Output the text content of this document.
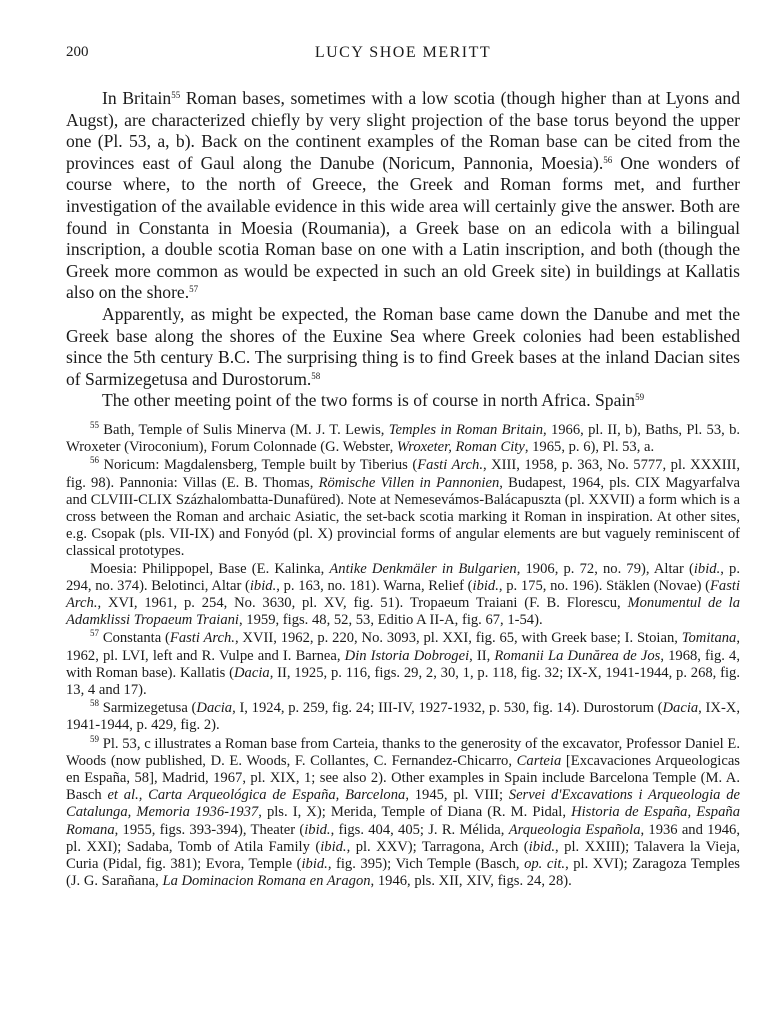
200	LUCY SHOE MERITT

In Britain$^{55}$ Roman bases, sometimes with a low scotia (though higher than at Lyons and Augst), are characterized chiefly by very slight projection of the base torus beyond the upper one (Pl. 53, a, b). Back on the continent examples of the Roman base can be cited from the provinces east of Gaul along the Danube (Noricum, Pannonia, Moesia).$^{56}$ One wonders of course where, to the north of Greece, the Greek and Roman forms met, and further investigation of the available evidence in this wide area will certainly give the answer. Both are found in Constanta in Moesia (Roumania), a Greek base on an edicola with a bilingual inscription, a double scotia Roman base on one with a Latin inscription, and both (though the Greek more common as would be expected in such an old Greek site) in buildings at Kallatis also on the shore.$^{57}$

Apparently, as might be expected, the Roman base came down the Danube and met the Greek base along the shores of the Euxine Sea where Greek colonies had been established since the 5th century B.C. The surprising thing is to find Greek bases at the inland Dacian sites of Sarmizegetusa and Durostorum.$^{58}$

The other meeting point of the two forms is of course in north Africa. Spain$^{59}$

$^{55}$ Bath, Temple of Sulis Minerva (M. J. T. Lewis, Temples in Roman Britain, 1966, pl. II, b), Baths, Pl. 53, b. Wroxeter (Viroconium), Forum Colonnade (G. Webster, Wroxeter, Roman City, 1965, p. 6), Pl. 53, a.

$^{56}$ Noricum: Magdalensberg, Temple built by Tiberius (Fasti Arch., XIII, 1958, p. 363, No. 5777, pl. XXXIII, fig. 98). Pannonia: Villas (E. B. Thomas, Römische Villen in Pannonien, Budapest, 1964, pls. CIX Magyarfalva and CLVIII-CLIX Százhalombatta-Dunafüred). Note at Nemesevámos-Balácapuszta (pl. XXVII) a form which is a cross between the Roman and archaic Asiatic, the set-back scotia marking it Roman in inspiration. At other sites, e.g. Csopak (pls. VII-IX) and Fonyód (pl. X) provincial forms of angular elements are but vaguely reminiscent of classical prototypes.

Moesia: Philippopel, Base (E. Kalinka, Antike Denkmäler in Bulgarien, 1906, p. 72, no. 79), Altar (ibid., p. 294, no. 374). Belotinci, Altar (ibid., p. 163, no. 181). Warna, Relief (ibid., p. 175, no. 196). Stäklen (Novae) (Fasti Arch., XVI, 1961, p. 254, No. 3630, pl. XV, fig. 51). Tropaeum Traiani (F. B. Florescu, Monumentul de la Adamklissi Tropaeum Traiani, 1959, figs. 48, 52, 53, Editio A II-A, fig. 67, 1-54).

$^{57}$ Constanta (Fasti Arch., XVII, 1962, p. 220, No. 3093, pl. XXI, fig. 65, with Greek base; I. Stoian, Tomitana, 1962, pl. LVI, left and R. Vulpe and I. Barnea, Din Istoria Dobrogei, II, Romanii La Dunărea de Jos, 1968, fig. 4, with Roman base). Kallatis (Dacia, II, 1925, p. 116, figs. 29, 2, 30, 1, p. 118, fig. 32; IX-X, 1941-1944, p. 268, fig. 13, 4 and 17).

$^{58}$ Sarmizegetusa (Dacia, I, 1924, p. 259, fig. 24; III-IV, 1927-1932, p. 530, fig. 14). Durostorum (Dacia, IX-X, 1941-1944, p. 429, fig. 2).

$^{59}$ Pl. 53, c illustrates a Roman base from Carteia, thanks to the generosity of the excavator, Professor Daniel E. Woods (now published, D. E. Woods, F. Collantes, C. Fernandez-Chicarro, Carteia [Excavaciones Arqueologicas en España, 58], Madrid, 1967, pl. XIX, 1; see also 2). Other examples in Spain include Barcelona Temple (M. A. Basch et al., Carta Arqueológica de España, Barcelona, 1945, pl. VIII; Servei d'Excavations i Arqueologia de Catalunga, Memoria 1936-1937, pls. I, X); Merida, Temple of Diana (R. M. Pidal, Historia de España, España Romana, 1955, figs. 393-394), Theater (ibid., figs. 404, 405; J. R. Mélida, Arqueologia Española, 1936 and 1946, pl. XXI); Sadaba, Tomb of Atila Family (ibid., pl. XXV); Tarragona, Arch (ibid., pl. XXIII); Talavera la Vieja, Curia (Pidal, fig. 381); Evora, Temple (ibid., fig. 395); Vich Temple (Basch, op. cit., pl. XVI); Zaragoza Temples (J. G. Sarañana, La Dominacion Romana en Aragon, 1946, pls. XII, XIV, figs. 24, 28).
